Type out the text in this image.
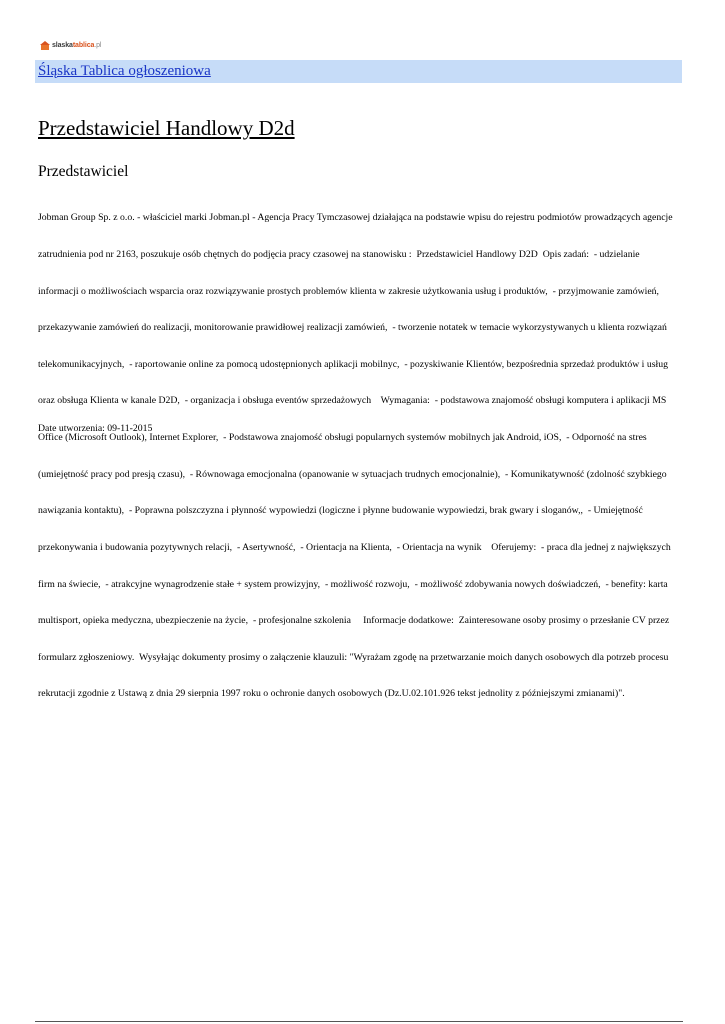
slaskatablica.pl
Śląska Tablica ogłoszeniowa
Przedstawiciel Handlowy D2d
Przedstawiciel

Jobman Group Sp. z o.o. - właściciel marki Jobman.pl - Agencja Pracy Tymczasowej działająca na podstawie wpisu do rejestru podmiotów prowadzących agencje

zatrudnienia pod nr 2163, poszukuje osób chętnych do podjęcia pracy czasowej na stanowisku :  Przedstawiciel Handlowy D2D  Opis zadań:  - udzielanie

informacji o możliwościach wsparcia oraz rozwiązywanie prostych problemów klienta w zakresie użytkowania usług i produktów,  - przyjmowanie zamówień,

przekazywanie zamówień do realizacji, monitorowanie prawidłowej realizacji zamówień,  - tworzenie notatek w temacie wykorzystywanych u klienta rozwiązań

telekomunikacyjnych,  - raportowanie online za pomocą udostępnionych aplikacji mobilnyc,  - pozyskiwanie Klientów, bezpośrednia sprzedaż produktów i usług

oraz obsługa Klienta w kanale D2D,  - organizacja i obsługa eventów sprzedażowych    Wymagania:  - podstawowa znajomość obsługi komputera i aplikacji MS

Office (Microsoft Outlook), Internet Explorer,  - Podstawowa znajomość obsługi popularnych systemów mobilnych jak Android, iOS,  - Odporność na stres

(umiejętność pracy pod presją czasu),  - Równowaga emocjonalna (opanowanie w sytuacjach trudnych emocjonalnie),  - Komunikatywność (zdolność szybkiego

nawiązania kontaktu),  - Poprawna polszczyzna i płynność wypowiedzi (logiczne i płynne budowanie wypowiedzi, brak gwary i sloganów,,  - Umiejętność

przekonywania i budowania pozytywnych relacji,  - Asertywność,  - Orientacja na Klienta,  - Orientacja na wynik    Oferujemy:  - praca dla jednej z największych

firm na świecie,  - atrakcyjne wynagrodzenie stałe + system prowizyjny,  - możliwość rozwoju,  - możliwość zdobywania nowych doświadczeń,  - benefity: karta

multisport, opieka medyczna, ubezpieczenie na życie,  - profesjonalne szkolenia     Informacje dodatkowe:  Zainteresowane osoby prosimy o przesłanie CV przez

formularz zgłoszeniowy.  Wysyłając dokumenty prosimy o załączenie klauzuli: "Wyrażam zgodę na przetwarzanie moich danych osobowych dla potrzeb procesu

rekrutacji zgodnie z Ustawą z dnia 29 sierpnia 1997 roku o ochronie danych osobowych (Dz.U.02.101.926 tekst jednolity z późniejszymi zmianami)".

Date utworzenia: 09-11-2015
